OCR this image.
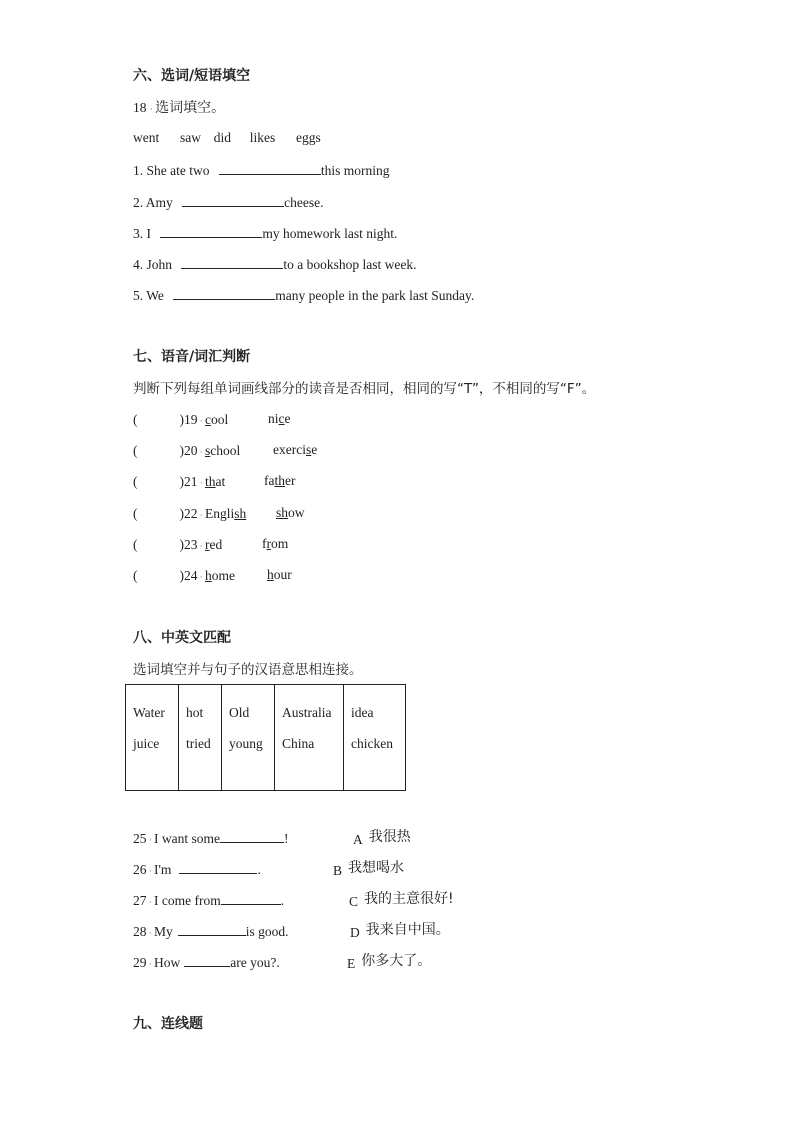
六、选词/短语填空
18 · 选词填空。
went saw did likes eggs
1. She ate two	this morning
2. Amy	cheese.
3. I	my homework last night.
4. John	to a bookshop last week.
5. We	many people in the park last Sunday.
七、语音/词汇判断
判断下列每组单词画线部分的读音是否相同，相同的写“T”，不相同的写“F”。
(	)19 · cool	nice
(	)20 · school exercise
(	)21 · that	father
(	)22 · English show
(	)23 · red	from
(	)24 · home hour
八、中英文匹配
选词填空并与句子的汉语意思相连接。
Water
juice

hot
tried

Old
young

Australia
China

idea
chicken
25 · I want some	!	A 我很热
26 · I'm	.	B 我想喝水
27 · I come from	.	C 我的主意很好!
28 · My	is good.	D 我来自中国。
29 · How	are you?.	E 你多大了。
九、连线题
